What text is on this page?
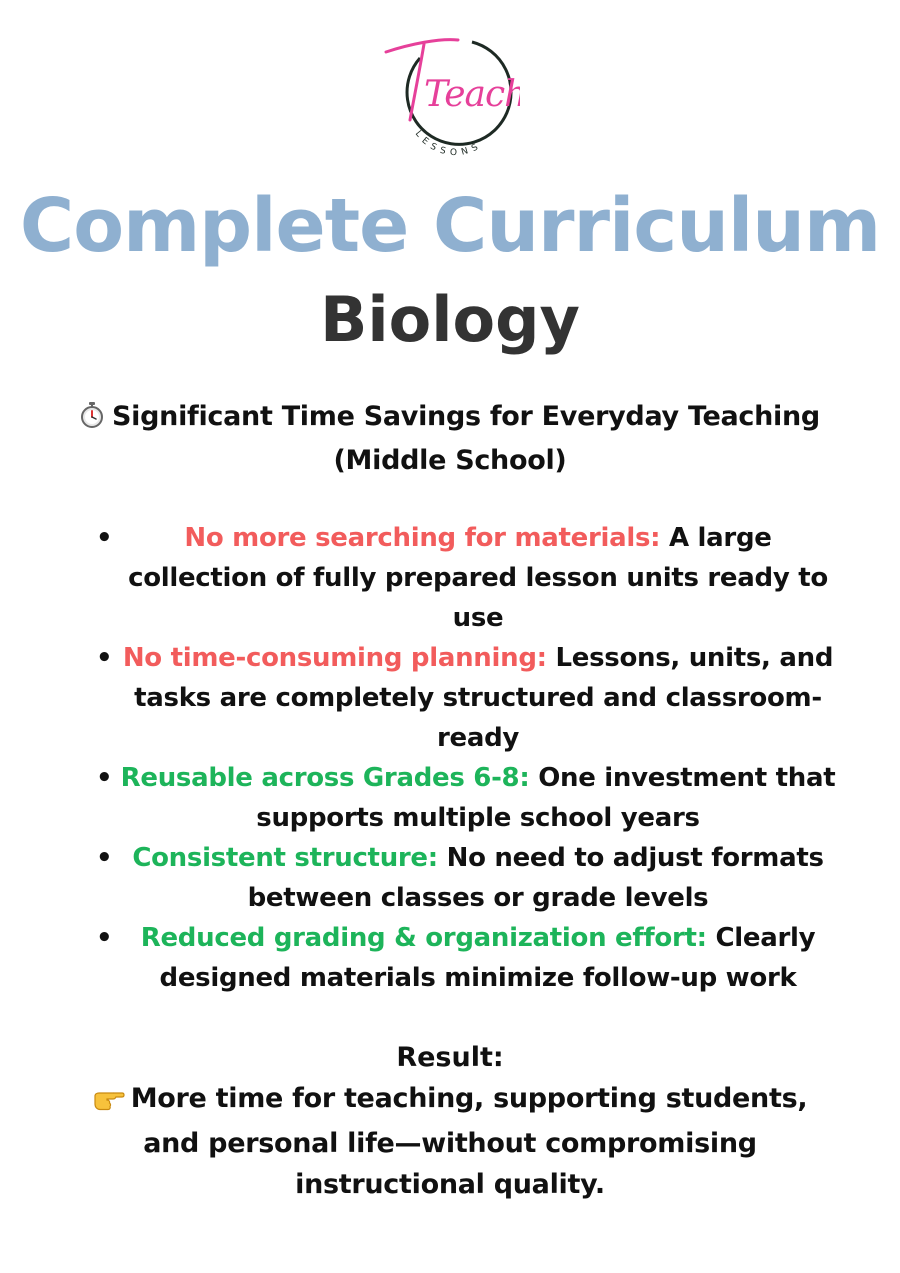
Teach
LESSONS
Complete Curriculum
Biology
Significant Time Savings for Everyday Teaching
(Middle School)
•	No more searching for materials: A large collection of fully prepared lesson units ready to use
• No time-consuming planning: Lessons, units, and tasks are completely structured and classroom-ready
• Reusable across Grades 6-8: One investment that supports multiple school years
• Consistent structure: No need to adjust formats between classes or grade levels
• Reduced grading & organization effort: Clearly designed materials minimize follow-up work
Result:
More time for teaching, supporting students, and personal life—without compromising instructional quality.
